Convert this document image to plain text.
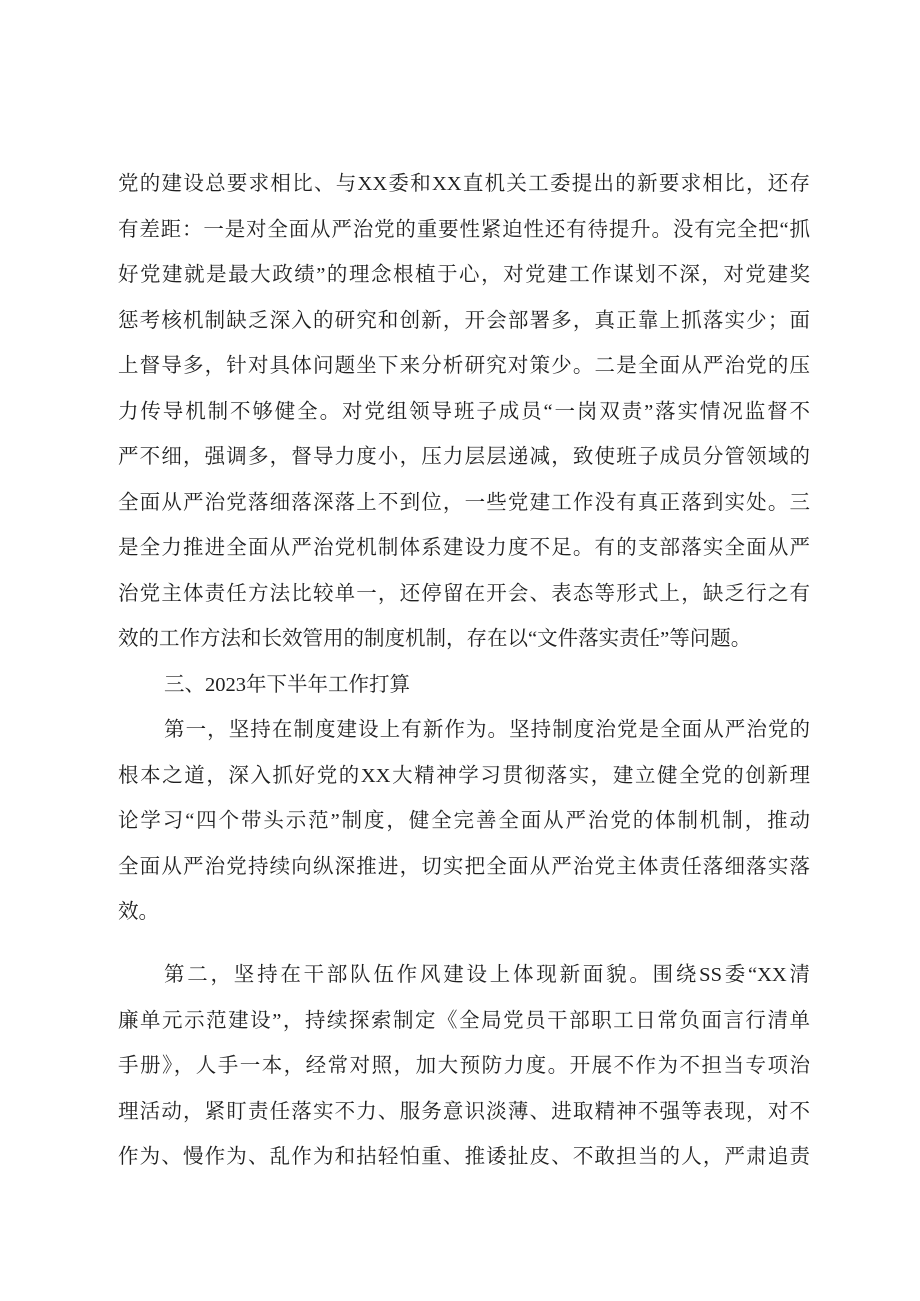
党的建设总要求相比、与XX委和XX直机关工委提出的新要求相比，还存
有差距：一是对全面从严治党的重要性紧迫性还有待提升。没有完全把“抓
好党建就是最大政绩”的理念根植于心，对党建工作谋划不深，对党建奖
惩考核机制缺乏深入的研究和创新，开会部署多，真正靠上抓落实少；面
上督导多，针对具体问题坐下来分析研究对策少。二是全面从严治党的压
力传导机制不够健全。对党组领导班子成员“一岗双责”落实情况监督不
严不细，强调多，督导力度小，压力层层递减，致使班子成员分管领域的
全面从严治党落细落深落上不到位，一些党建工作没有真正落到实处。三
是全力推进全面从严治党机制体系建设力度不足。有的支部落实全面从严
治党主体责任方法比较单一，还停留在开会、表态等形式上，缺乏行之有
效的工作方法和长效管用的制度机制，存在以“文件落实责任”等问题。
三、2023年下半年工作打算
第一，坚持在制度建设上有新作为。坚持制度治党是全面从严治党的
根本之道，深入抓好党的XX大精神学习贯彻落实，建立健全党的创新理
论学习“四个带头示范”制度，健全完善全面从严治党的体制机制，推动
全面从严治党持续向纵深推进，切实把全面从严治党主体责任落细落实落
效。
第二，坚持在干部队伍作风建设上体现新面貌。围绕SS委“XX清
廉单元示范建设”，持续探索制定《全局党员干部职工日常负面言行清单
手册》，人手一本，经常对照，加大预防力度。开展不作为不担当专项治
理活动，紧盯责任落实不力、服务意识淡薄、进取精神不强等表现，对不
作为、慢作为、乱作为和拈轻怕重、推诿扯皮、不敢担当的人，严肃追责
